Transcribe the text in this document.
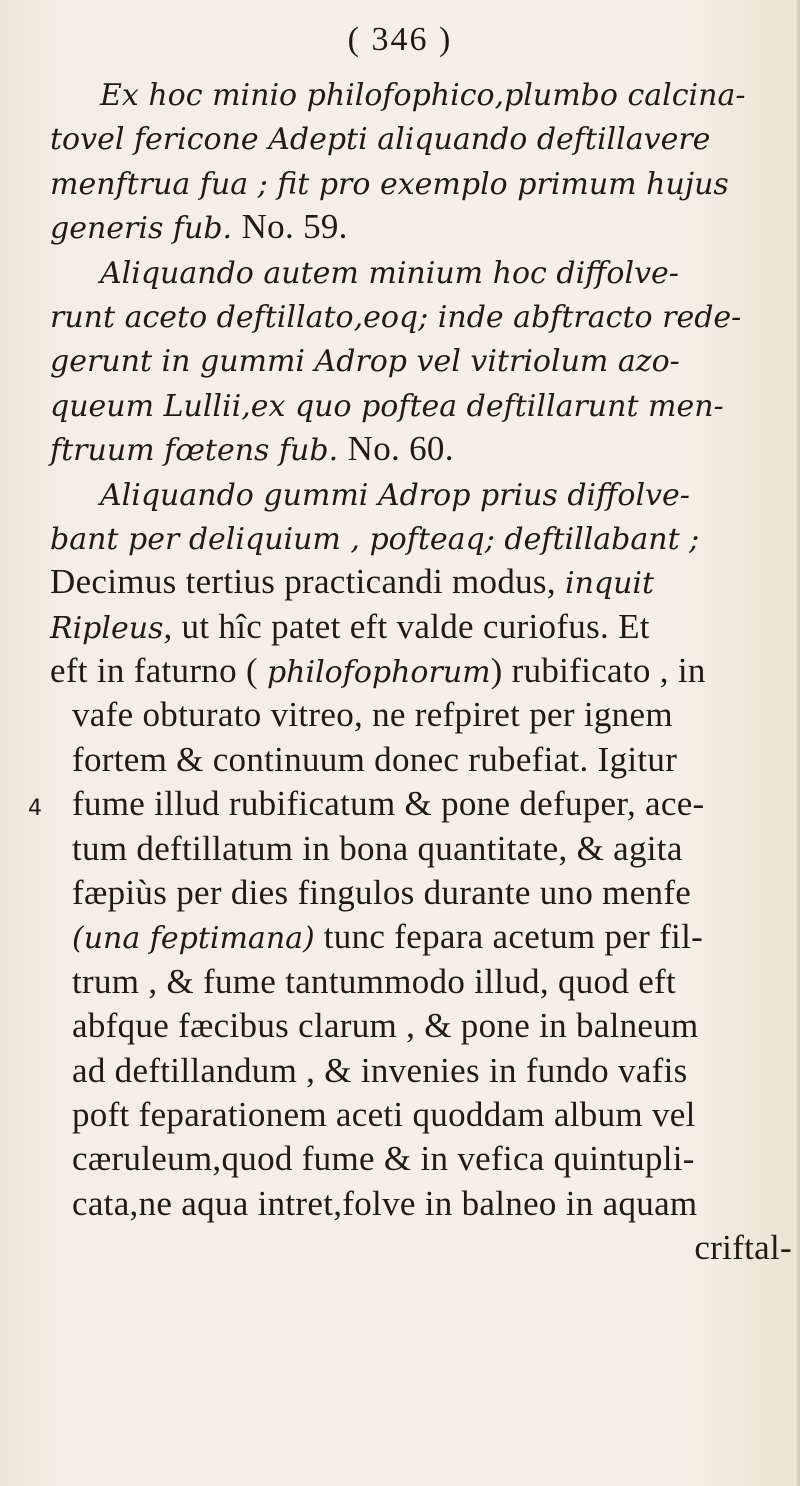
( 346 )
4
Ex hoc minio philofophico,plumbo calcina-
tovel fericone Adepti aliquando deftillavere
menftrua fua ; fit pro exemplo primum hujus
generis fub. No. 59.
Aliquando autem minium hoc diffolve-
runt aceto deftillato,eoq; inde abftracto rede-
gerunt in gummi Adrop vel vitriolum azo-
queum Lullii,ex quo poftea deftillarunt men-
ftruum fœtens fub. No. 60.
Aliquando gummi Adrop prius diffolve-
bant per deliquium , pofteaq; deftillabant ;
Decimus tertius practicandi modus, inquit
Ripleus, ut hîc patet eft valde curiofus. Et
eft in faturno ( philofophorum) rubificato , in
vafe obturato vitreo, ne refpiret per ignem
fortem & continuum donec rubefiat. Igitur
fume illud rubificatum & pone defuper, ace-
tum deftillatum in bona quantitate, & agita
fæpiùs per dies fingulos durante uno menfe
(una feptimana) tunc fepara acetum per fil-
trum , & fume tantummodo illud, quod eft
abfque fæcibus clarum , & pone in balneum
ad deftillandum , & invenies in fundo vafis
poft feparationem aceti quoddam album vel
cæruleum,quod fume & in vefica quintupli-
cata,ne aqua intret,folve in balneo in aquam
criftal-
